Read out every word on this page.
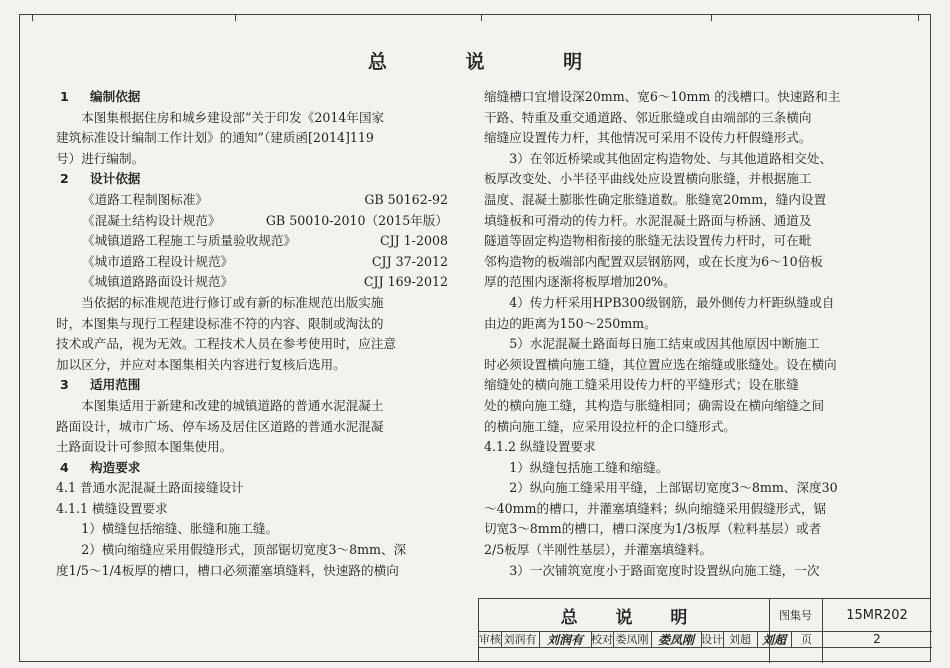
总 说 明
1 编制依据
　　本图集根据住房和城乡建设部“关于印发《2014年国家
建筑标准设计编制工作计划》的通知”（建质函[2014]119
号）进行编制。
2 设计依据
《道路工程制图标准》	GB 50162-92
《混凝土结构设计规范》	GB 50010-2010（2015年版）
《城镇道路工程施工与质量验收规范》	CJJ 1-2008
《城市道路工程设计规范》	CJJ 37-2012
《城镇道路路面设计规范》	CJJ 169-2012
　　当依据的标准规范进行修订或有新的标准规范出版实施
时，本图集与现行工程建设标准不符的内容、限制或淘汰的
技术或产品，视为无效。工程技术人员在参考使用时，应注意
加以区分，并应对本图集相关内容进行复核后选用。
3 适用范围
　　本图集适用于新建和改建的城镇道路的普通水泥混凝土
路面设计，城市广场、停车场及居住区道路的普通水泥混凝
土路面设计可参照本图集使用。
4 构造要求
4.1 普通水泥混凝土路面接缝设计
4.1.1 横缝设置要求
　　1）横缝包括缩缝、胀缝和施工缝。
　　2）横向缩缝应采用假缝形式，顶部锯切宽度3～8mm、深
度1/5～1/4板厚的槽口，槽口必须灌塞填缝料，快速路的横向
缩缝槽口宜增设深20mm、宽6～10mm 的浅槽口。快速路和主
干路、特重及重交通道路、邻近胀缝或自由端部的三条横向
缩缝应设置传力杆，其他情况可采用不设传力杆假缝形式。
　　3）在邻近桥梁或其他固定构造物处、与其他道路相交处、
板厚改变处、小半径平曲线处应设置横向胀缝，并根据施工
温度、混凝土膨胀性确定胀缝道数。胀缝宽20mm，缝内设置
填缝板和可滑动的传力杆。水泥混凝土路面与桥涵、通道及
隧道等固定构造物相衔接的胀缝无法设置传力杆时，可在毗
邻构造物的板端部内配置双层钢筋网，或在长度为6～10倍板
厚的范围内逐渐将板厚增加20%。
　　4）传力杆采用HPB300级钢筋，最外侧传力杆距纵缝或自
由边的距离为150～250mm。
　　5）水泥混凝土路面每日施工结束或因其他原因中断施工
时必须设置横向施工缝，其位置应选在缩缝或胀缝处。设在横向
缩缝处的横向施工缝采用设传力杆的平缝形式；设在胀缝
处的横向施工缝，其构造与胀缝相同；确需设在横向缩缝之间
的横向施工缝，应采用设拉杆的企口缝形式。
4.1.2 纵缝设置要求
　　1）纵缝包括施工缝和缩缝。
　　2）纵向施工缝采用平缝，上部锯切宽度3～8mm、深度30
～40mm的槽口，并灌塞填缝料；纵向缩缝采用假缝形式，锯
切宽3～8mm的槽口，槽口深度为1/3板厚（粒料基层）或者
2/5板厚（半刚性基层），并灌塞填缝料。
　　3）一次铺筑宽度小于路面宽度时设置纵向施工缝，一次
总 说 明	图集号	15MR202
审核 刘润有 刘润有 校对 娄凤刚 娄凤刚 设计 刘超 刘超	页	2
